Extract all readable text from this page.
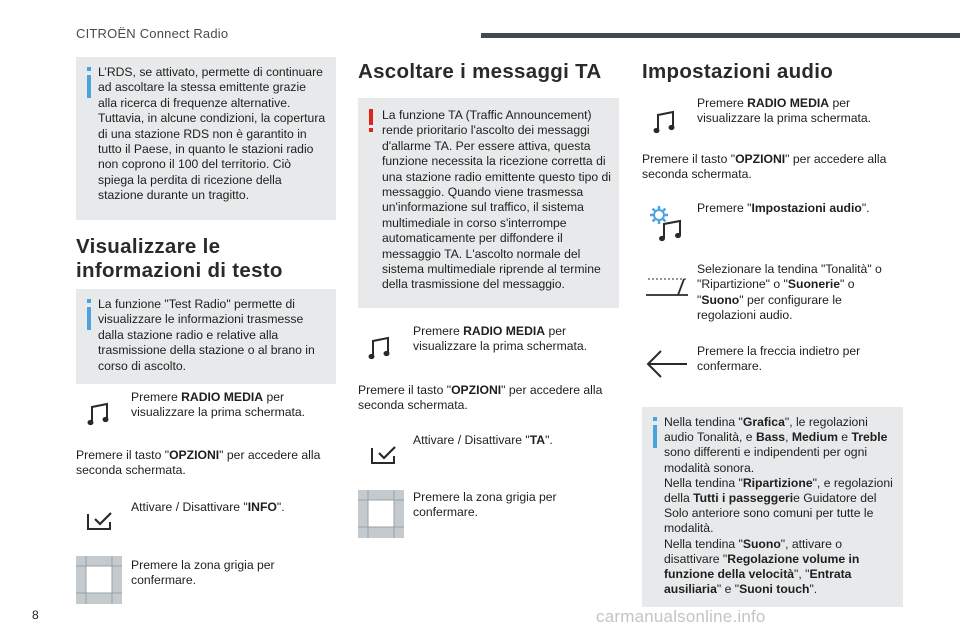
CITROËN Connect Radio
L’RDS, se attivato, permette di continuare ad ascoltare la stessa emittente grazie alla ricerca di frequenze alternative. Tuttavia, in alcune condizioni, la copertura di una stazione RDS non è garantito in tutto il Paese, in quanto le stazioni radio non coprono il 100 del territorio. Ciò spiega la perdita di ricezione della stazione durante un tragitto.
Visualizzare le informazioni di testo
La funzione "Test Radio" permette di visualizzare le informazioni trasmesse dalla stazione radio e relative alla trasmissione della stazione o al brano in corso di ascolto.
Premere RADIO MEDIA per visualizzare la prima schermata.
Premere il tasto "OPZIONI" per accedere alla seconda schermata.
Attivare / Disattivare "INFO".
Premere la zona grigia per confermare.
Ascoltare i messaggi TA
La funzione TA (Traffic Announcement) rende prioritario l'ascolto dei messaggi d'allarme TA. Per essere attiva, questa funzione necessita la ricezione corretta di una stazione radio emittente questo tipo di messaggio. Quando viene trasmessa un'informazione sul traffico, il sistema multimediale in corso s'interrompe automaticamente per diffondere il messaggio TA. L'ascolto normale del sistema multimediale riprende al termine della trasmissione del messaggio.
Premere RADIO MEDIA per visualizzare la prima schermata.
Premere il tasto "OPZIONI" per accedere alla seconda schermata.
Attivare / Disattivare "TA".
Premere la zona grigia per confermare.
Impostazioni audio
Premere RADIO MEDIA per visualizzare la prima schermata.
Premere il tasto "OPZIONI" per accedere alla seconda schermata.
Premere "Impostazioni audio".
Selezionare la tendina "Tonalità" o "Ripartizione" o "Suonerie" o "Suono" per configurare le regolazioni audio.
Premere la freccia indietro per confermare.
Nella tendina "Grafica", le regolazioni audio Tonalità, e Bass, Medium e Treble sono differenti e indipendenti per ogni modalità sonora.
Nella tendina "Ripartizione", e regolazioni della Tutti i passeggerie Guidatore del Solo anteriore sono comuni per tutte le modalità.
Nella tendina "Suono", attivare o disattivare "Regolazione volume in funzione della velocità", "Entrata ausiliaria" e "Suoni touch".
8	carmanualsonline.info
